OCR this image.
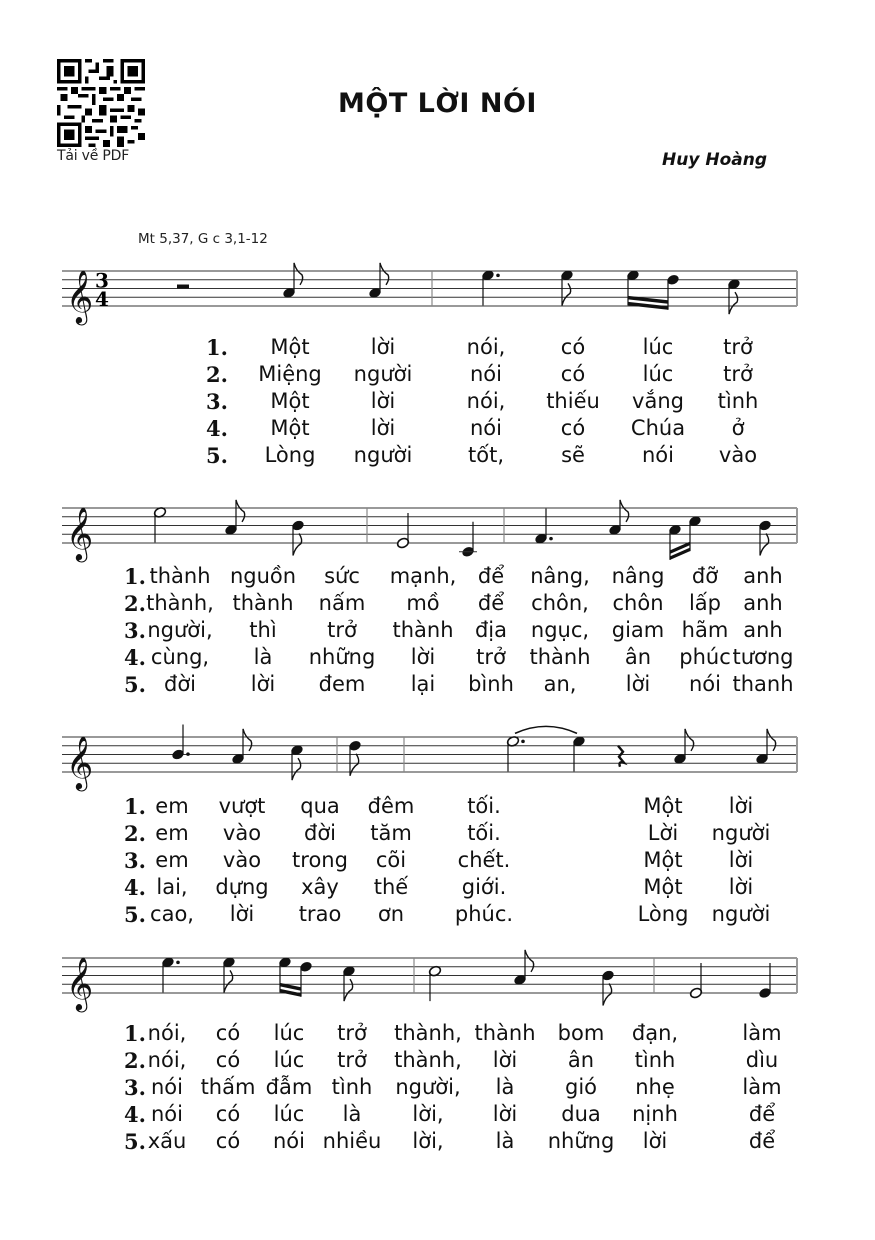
Tải về PDF
MỘT LỜI NÓI
Huy Hoàng
Mt 5,37, G c 3,1-12
𝄞 3
4
1. Một	lời	nói,	có	lúc trở
2. Miệng người	nói	có	lúc trở
3. Một	lời	nói, thiếu vắng tình
4. Một	lời	nói	có Chúa ở
5. Lòng người	tốt,	sẽ	nói vào
𝄞
1. thành nguồn sức mạnh, để nâng, nâng đỡ anh
2. thành, thành nấm mồ để chôn, chôn lấp anh
3. người, thì trở thành địa ngục, giam hãm anh
4. cùng, là những lời trở thành ân phúc tương
5. đời	lời đem lại bình an, lời nói thanh
𝄞
1. em vượt qua đêm	tối.	Một lời
2. em vào đời tăm	tối.	Lời người
3. em vào trong cõi chết.	Một lời
4. lai, dựng xây thế	giới.	Một lời
5. cao, lời trao ơn phúc.	Lòng người
𝄞
1. nói, có lúc trở thành, thành bom đạn,	làm
2. nói, có lúc trở thành, lời ân tình	dìu
3. nói thấm đẫm tình người, là gió nhẹ	làm
4. nói có lúc là lời, lời dua nịnh	để
5. xấu có nói nhiều lời, là những lời	để
